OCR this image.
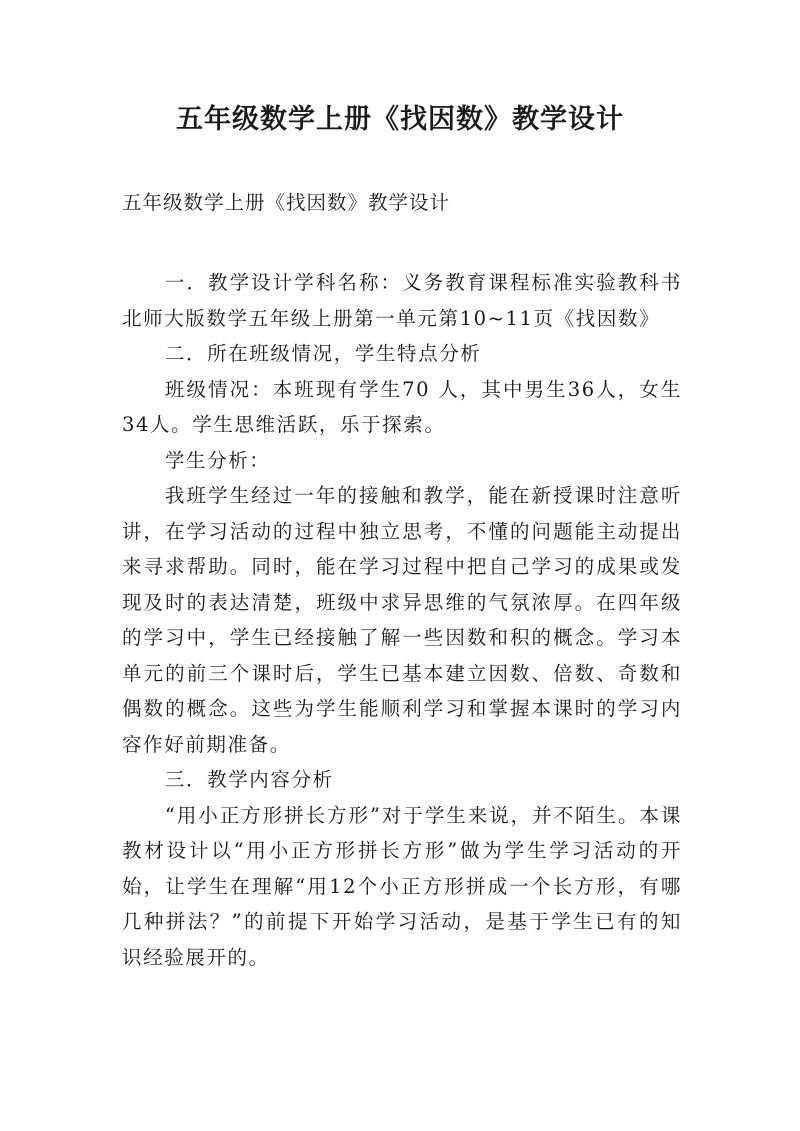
五年级数学上册《找因数》教学设计

五年级数学上册《找因数》教学设计

一．教学设计学科名称：义务教育课程标准实验教科书北师大版数学五年级上册第一单元第10~11页《找因数》

二．所在班级情况，学生特点分析

班级情况：本班现有学生70 人，其中男生36人，女生34人。学生思维活跃，乐于探索。

学生分析：

我班学生经过一年的接触和教学，能在新授课时注意听讲，在学习活动的过程中独立思考，不懂的问题能主动提出来寻求帮助。同时，能在学习过程中把自己学习的成果或发现及时的表达清楚，班级中求异思维的气氛浓厚。在四年级的学习中，学生已经接触了解一些因数和积的概念。学习本单元的前三个课时后，学生已基本建立因数、倍数、奇数和偶数的概念。这些为学生能顺利学习和掌握本课时的学习内容作好前期准备。

三．教学内容分析

“用小正方形拼长方形”对于学生来说，并不陌生。本课教材设计以“用小正方形拼长方形”做为学生学习活动的开始，让学生在理解“用12个小正方形拼成一个长方形，有哪几种拼法？”的前提下开始学习活动，是基于学生已有的知识经验展开的。
